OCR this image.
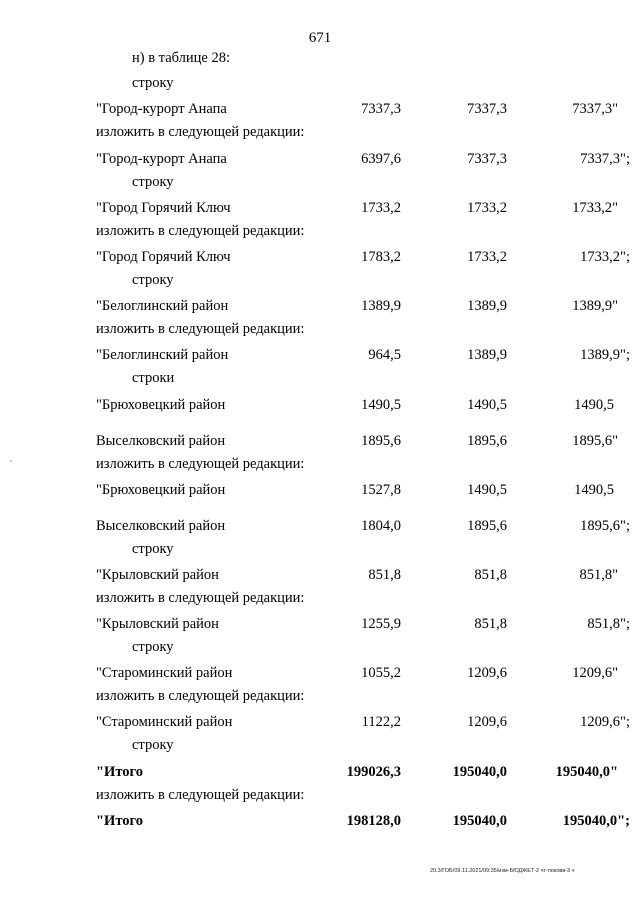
671
н) в таблице 28:
строку
"Город-курорт Анапа	7337,3	7337,3	7337,3"
изложить в следующей редакции:
"Город-курорт Анапа	6397,6	7337,3	7337,3";
строку
"Город Горячий Ключ	1733,2	1733,2	1733,2"
изложить в следующей редакции:
"Город Горячий Ключ	1783,2	1733,2	1733,2";
строку
"Белоглинский район	1389,9	1389,9	1389,9"
изложить в следующей редакции:
"Белоглинский район	964,5	1389,9	1389,9";
строки
"Брюховецкий район	1490,5	1490,5	1490,5
Выселковский район	1895,6	1895,6	1895,6"
изложить в следующей редакции:
"Брюховецкий район	1527,8	1490,5	1490,5
Выселковский район	1804,0	1895,6	1895,6";
строку
"Крыловский район	851,8	851,8	851,8"
изложить в следующей редакции:
"Крыловский район	1255,9	851,8	851,8";
строку
"Староминский район	1055,2	1209,6	1209,6"
изложить в следующей редакции:
"Староминский район	1122,2	1209,6	1209,6";
строку
"Итого	199026,3	195040,0	195040,0"
изложить в следующей редакции:
"Итого	198128,0	195040,0	195040,0";
20.3/ГОБ/09.11.2021/09:35/изм-БЮДЖЕТ-2 чт-поковв-3 ч
